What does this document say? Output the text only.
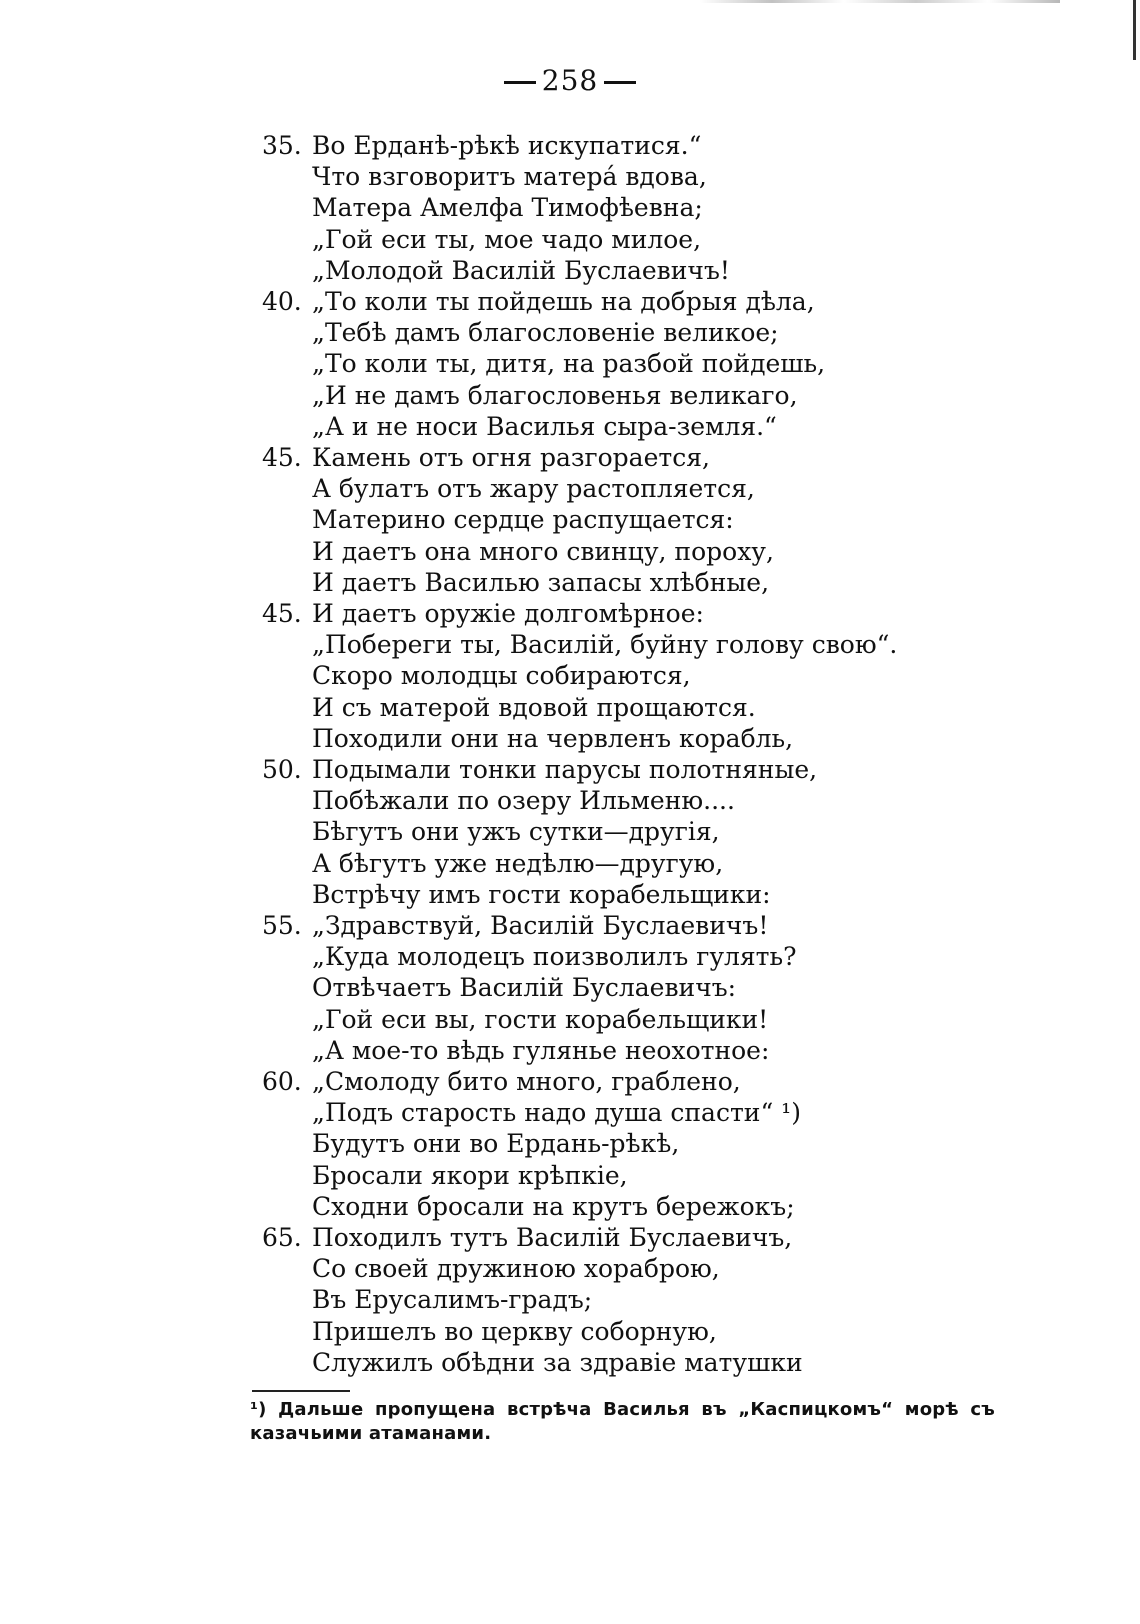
258
35. Во Ерданѣ-рѣкѣ искупатися.“
Что взговоритъ матера́ вдова,
Матера Амелфа Тимофѣевна;
„Гой еси ты, мое чадо милое,
„Молодой Василій Буслаевичъ!
40. „То коли ты пойдешь на добрыя дѣла,
„Тебѣ дамъ благословеніе великое;
„То коли ты, дитя, на разбой пойдешь,
„И не дамъ благословенья великаго,
„А и не носи Василья сыра-земля.“
45. Камень отъ огня разгорается,
А булатъ отъ жару растопляется,
Материно сердце распущается:
И даетъ она много свинцу, пороху,
И даетъ Василью запасы хлѣбные,
45. И даетъ оружіе долгомѣрное:
„Побереги ты, Василій, буйну голову свою“.
Скоро молодцы собираются,
И съ матерой вдовой прощаются.
Походили они на червленъ корабль,
50. Подымали тонки парусы полотняные,
Побѣжали по озеру Ильменю....
Бѣгутъ они ужъ сутки—другія,
А бѣгутъ уже недѣлю—другую,
Встрѣчу имъ гости корабельщики:
55. „Здравствуй, Василій Буслаевичъ!
„Куда молодецъ поизволилъ гулять?
Отвѣчаетъ Василій Буслаевичъ:
„Гой еси вы, гости корабельщики!
„А мое-то вѣдь гулянье неохотное:
60. „Смолоду бито много, граблено,
„Подъ старость надо душа спасти“ ¹)
Будутъ они во Ердань-рѣкѣ,
Бросали якори крѣпкіе,
Сходни бросали на крутъ бережокъ;
65. Походилъ тутъ Василій Буслаевичъ,
Со своей дружиною хораброю,
Въ Ерусалимъ-градъ;
Пришелъ во церкву соборную,
Служилъ обѣдни за здравіе матушки
¹) Дальше пропущена встрѣча Василья въ „Каспицкомъ“ морѣ съ казачьими атаманами.
